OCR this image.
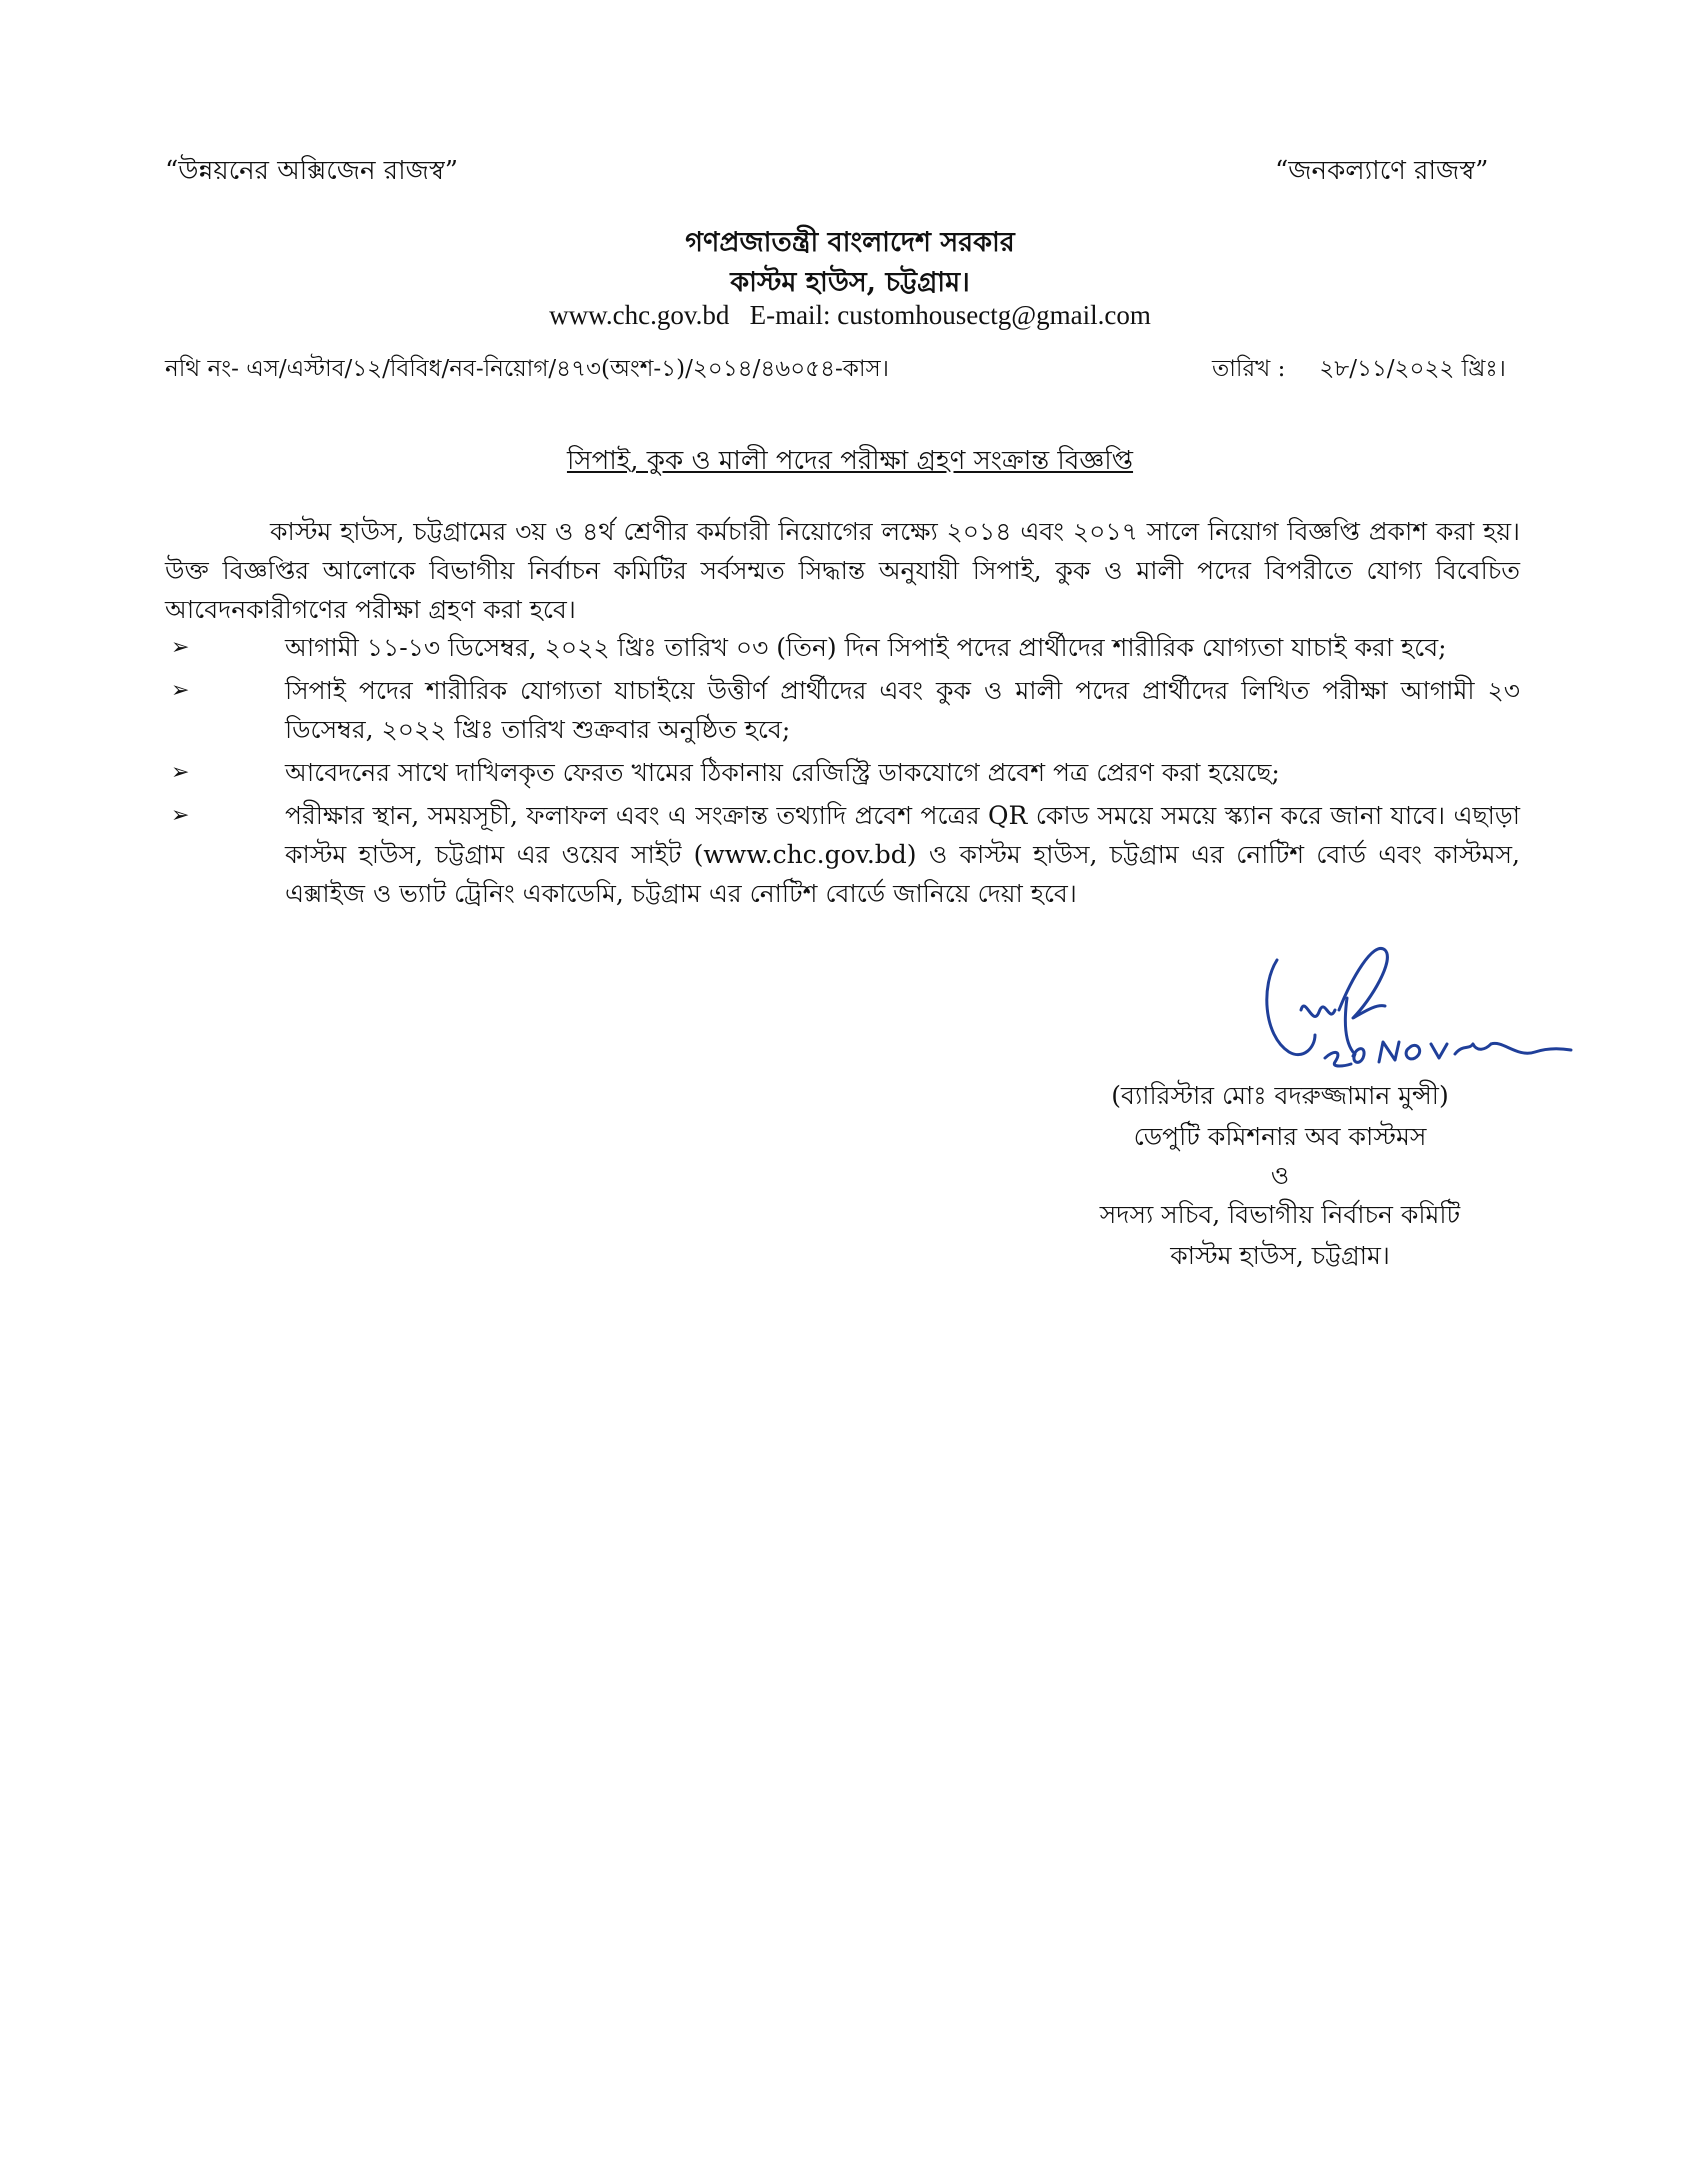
“উন্নয়নের অক্সিজেন রাজস্ব”	“জনকল্যাণে রাজস্ব”
গণপ্রজাতন্ত্রী বাংলাদেশ সরকার
কাস্টম হাউস, চট্টগ্রাম।
www.chc.gov.bd   E-mail: customhousectg@gmail.com
নথি নং- এস/এস্টাব/১২/বিবিধ/নব-নিয়োগ/৪৭৩(অংশ-১)/২০১৪/৪৬০৫৪-কাস।	তারিখ : ২৮/১১/২০২২ খ্রিঃ।
সিপাই, কুক ও মালী পদের পরীক্ষা গ্রহণ সংক্রান্ত বিজ্ঞপ্তি
কাস্টম হাউস, চট্টগ্রামের ৩য় ও ৪র্থ শ্রেণীর কর্মচারী নিয়োগের লক্ষ্যে ২০১৪ এবং ২০১৭ সালে নিয়োগ বিজ্ঞপ্তি প্রকাশ করা হয়। উক্ত বিজ্ঞপ্তির আলোকে বিভাগীয় নির্বাচন কমিটির সর্বসম্মত সিদ্ধান্ত অনুযায়ী সিপাই, কুক ও মালী পদের বিপরীতে যোগ্য বিবেচিত আবেদনকারীগণের পরীক্ষা গ্রহণ করা হবে।
➢	আগামী ১১-১৩ ডিসেম্বর, ২০২২ খ্রিঃ তারিখ ০৩ (তিন) দিন সিপাই পদের প্রার্থীদের শারীরিক যোগ্যতা যাচাই করা হবে;
➢	সিপাই পদের শারীরিক যোগ্যতা যাচাইয়ে উত্তীর্ণ প্রার্থীদের এবং কুক ও মালী পদের প্রার্থীদের লিখিত পরীক্ষা আগামী ২৩ ডিসেম্বর, ২০২২ খ্রিঃ তারিখ শুক্রবার অনুষ্ঠিত হবে;
➢	আবেদনের সাথে দাখিলকৃত ফেরত খামের ঠিকানায় রেজিস্ট্রি ডাকযোগে প্রবেশ পত্র প্রেরণ করা হয়েছে;
➢	পরীক্ষার স্থান, সময়সূচী, ফলাফল এবং এ সংক্রান্ত তথ্যাদি প্রবেশ পত্রের QR কোড সময়ে সময়ে স্ক্যান করে জানা যাবে। এছাড়া কাস্টম হাউস, চট্টগ্রাম এর ওয়েব সাইট (www.chc.gov.bd) ও কাস্টম হাউস, চট্টগ্রাম এর নোটিশ বোর্ড এবং কাস্টমস, এক্সাইজ ও ভ্যাট ট্রেনিং একাডেমি, চট্টগ্রাম এর নোটিশ বোর্ডে জানিয়ে দেয়া হবে।
(ব্যারিস্টার মোঃ বদরুজ্জামান মুন্সী)
ডেপুটি কমিশনার অব কাস্টমস
ও
সদস্য সচিব, বিভাগীয় নির্বাচন কমিটি
কাস্টম হাউস, চট্টগ্রাম।
